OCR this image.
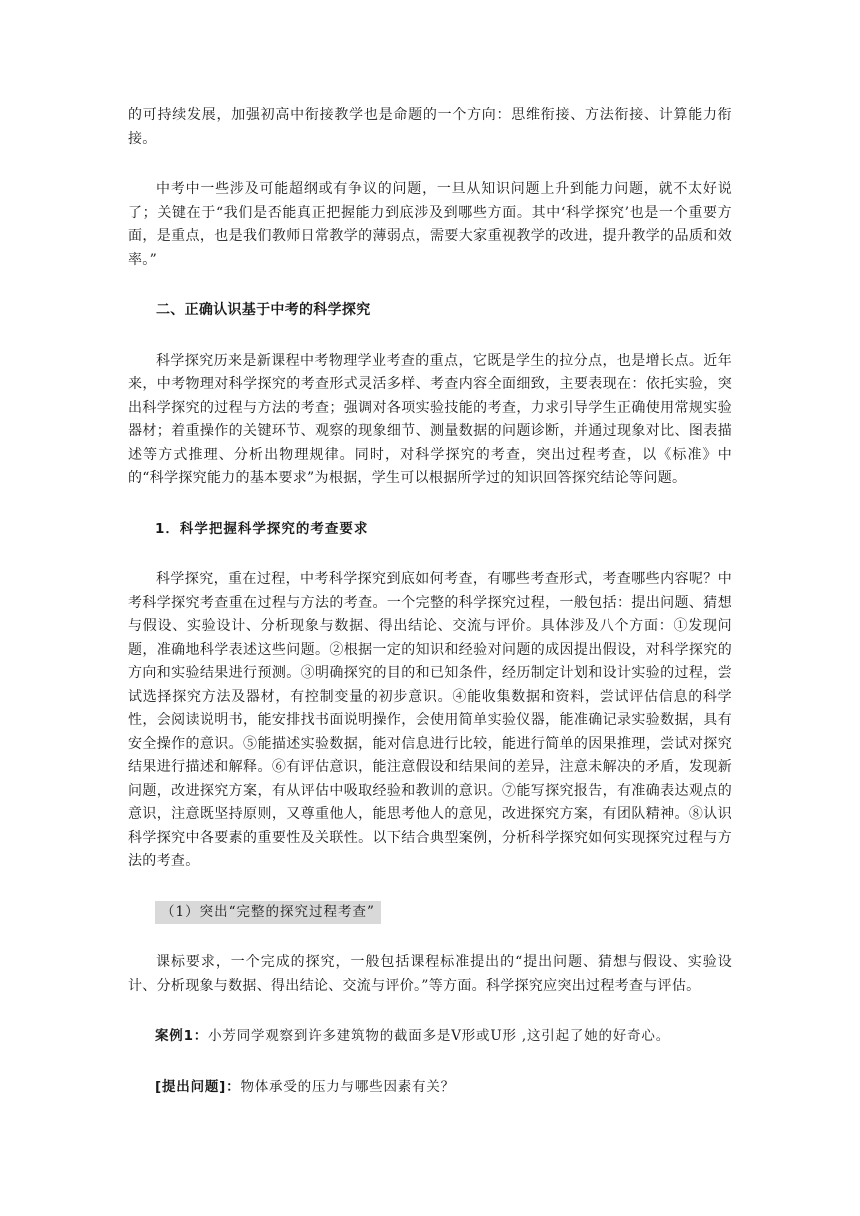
的可持续发展，加强初高中衔接教学也是命题的一个方向：思维衔接、方法衔接、计算能力衔接。

中考中一些涉及可能超纲或有争议的问题，一旦从知识问题上升到能力问题，就不太好说了；关键在于“我们是否能真正把握能力到底涉及到哪些方面。其中‘科学探究’也是一个重要方面，是重点，也是我们教师日常教学的薄弱点，需要大家重视教学的改进，提升教学的品质和效率。”

二、正确认识基于中考的科学探究

科学探究历来是新课程中考物理学业考查的重点，它既是学生的拉分点，也是增长点。近年来，中考物理对科学探究的考查形式灵活多样、考查内容全面细致，主要表现在：依托实验，突出科学探究的过程与方法的考查；强调对各项实验技能的考查，力求引导学生正确使用常规实验器材；着重操作的关键环节、观察的现象细节、测量数据的问题诊断，并通过现象对比、图表描述等方式推理、分析出物理规律。同时，对科学探究的考查，突出过程考查，以《标准》中的“科学探究能力的基本要求”为根据，学生可以根据所学过的知识回答探究结论等问题。

1．科学把握科学探究的考查要求

科学探究，重在过程，中考科学探究到底如何考查，有哪些考查形式，考查哪些内容呢？中考科学探究考查重在过程与方法的考查。一个完整的科学探究过程，一般包括：提出问题、猜想与假设、实验设计、分析现象与数据、得出结论、交流与评价。具体涉及八个方面：①发现问题，准确地科学表述这些问题。②根据一定的知识和经验对问题的成因提出假设，对科学探究的方向和实验结果进行预测。③明确探究的目的和已知条件，经历制定计划和设计实验的过程，尝试选择探究方法及器材，有控制变量的初步意识。④能收集数据和资料，尝试评估信息的科学性，会阅读说明书，能安排找书面说明操作，会使用简单实验仪器，能准确记录实验数据，具有安全操作的意识。⑤能描述实验数据，能对信息进行比较，能进行简单的因果推理，尝试对探究结果进行描述和解释。⑥有评估意识，能注意假设和结果间的差异，注意未解决的矛盾，发现新问题，改进探究方案，有从评估中吸取经验和教训的意识。⑦能写探究报告，有准确表达观点的意识，注意既坚持原则，又尊重他人，能思考他人的意见，改进探究方案，有团队精神。⑧认识科学探究中各要素的重要性及关联性。以下结合典型案例，分析科学探究如何实现探究过程与方法的考查。

（1）突出“完整的探究过程考查”

课标要求，一个完成的探究，一般包括课程标准提出的“提出问题、猜想与假设、实验设计、分析现象与数据、得出结论、交流与评价。”等方面。科学探究应突出过程考查与评估。

案例1：小芳同学观察到许多建筑物的截面多是V形或U形 ,这引起了她的好奇心。

[提出问题]：物体承受的压力与哪些因素有关？
